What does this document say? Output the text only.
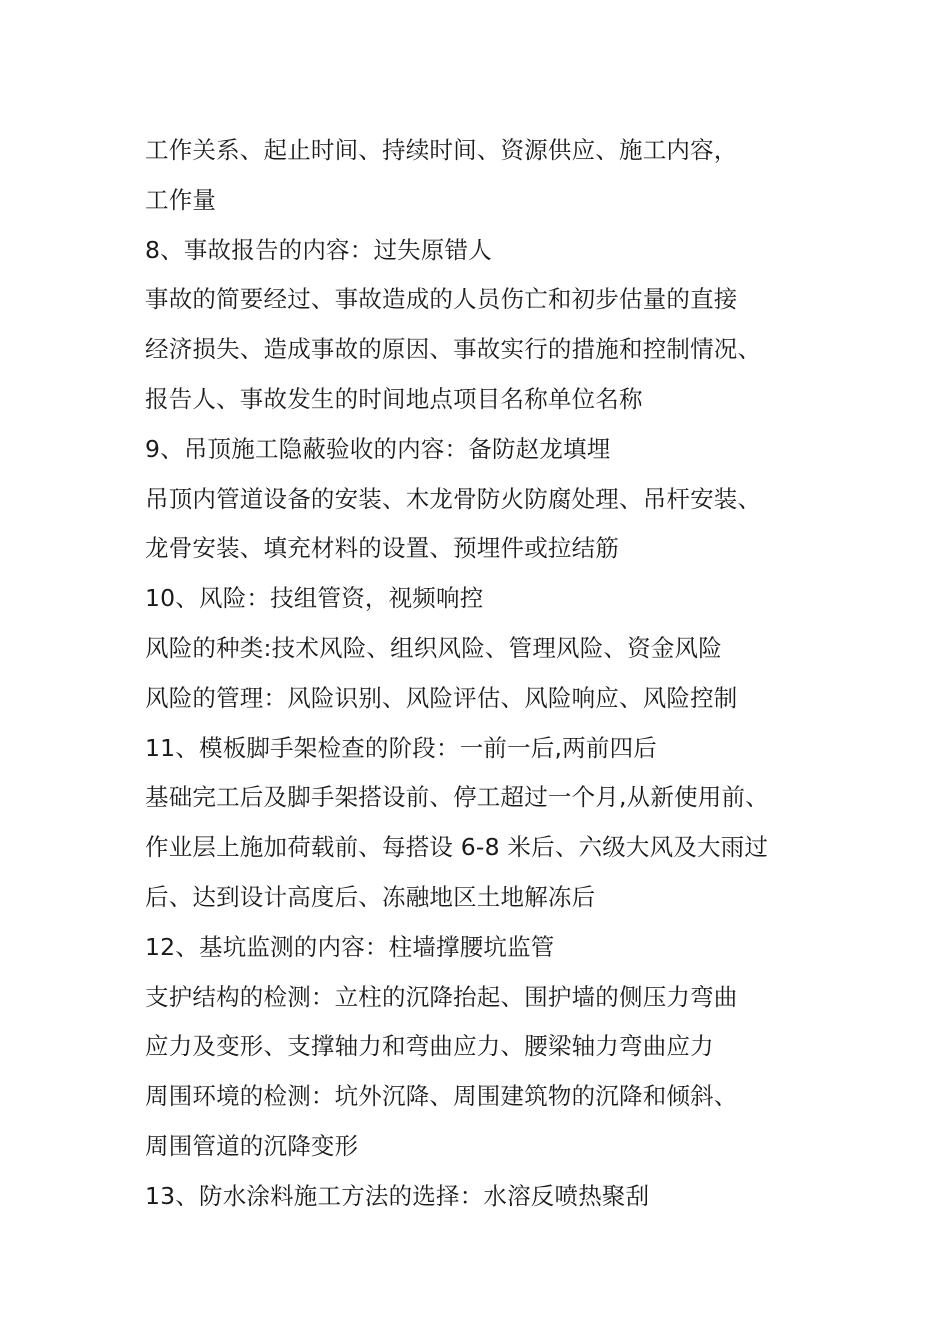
工作关系、起止时间、持续时间、资源供应、施工内容，
工作量
8、事故报告的内容：过失原错人
事故的简要经过、事故造成的人员伤亡和初步估量的直接
经济损失、造成事故的原因、事故实行的措施和控制情况、
报告人、事故发生的时间地点项目名称单位名称
9、吊顶施工隐蔽验收的内容：备防赵龙填埋
吊顶内管道设备的安装、木龙骨防火防腐处理、吊杆安装、
龙骨安装、填充材料的设置、预埋件或拉结筋
10、风险：技组管资，视频响控
风险的种类:技术风险、组织风险、管理风险、资金风险
风险的管理：风险识别、风险评估、风险响应、风险控制
11、模板脚手架检查的阶段：一前一后,两前四后
基础完工后及脚手架搭设前、停工超过一个月,从新使用前、
作业层上施加荷载前、每搭设 6-8 米后、六级大风及大雨过
后、达到设计高度后、冻融地区土地解冻后
12、基坑监测的内容：柱墙撑腰坑监管
支护结构的检测：立柱的沉降抬起、围护墙的侧压力弯曲
应力及变形、支撑轴力和弯曲应力、腰梁轴力弯曲应力
周围环境的检测：坑外沉降、周围建筑物的沉降和倾斜、
周围管道的沉降变形
13、防水涂料施工方法的选择：水溶反喷热聚刮
